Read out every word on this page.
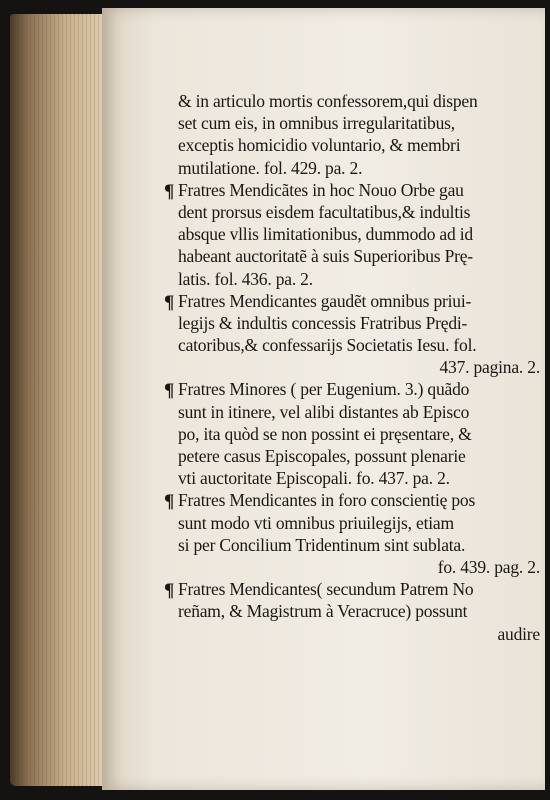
& in articulo mortis confessorem,qui dispen
set cum eis, in omnibus irregularitatibus,
exceptis homicidio voluntario, & membri
mutilatione. fol. 429. pa. 2.
¶ Fratres Mendicãtes in hoc Nouo Orbe gau
dent prorsus eisdem facultatibus,& indultis
absque vllis limitationibus, dummodo ad id
habeant auctoritatẽ à suis Superioribus Prę-
latis. fol. 436. pa. 2.
¶ Fratres Mendicantes gaudẽt omnibus priui-
legijs & indultis concessis Fratribus Prędi-
catoribus,& confessarijs Societatis Iesu. fol.
437. pagina. 2.
¶ Fratres Minores ( per Eugenium. 3.) quãdo
sunt in itinere, vel alibi distantes ab Episco
po, ita quòd se non possint ei pręsentare, &
petere casus Episcopales, possunt plenarie
vti auctoritate Episcopali. fo. 437. pa. 2.
¶ Fratres Mendicantes in foro conscientię pos
sunt modo vti omnibus priuilegijs, etiam
si per Concilium Tridentinum sint sublata.
fo. 439. pag. 2.
¶ Fratres Mendicantes( secundum Patrem No
reñam, & Magistrum à Veracruce) possunt
audire
